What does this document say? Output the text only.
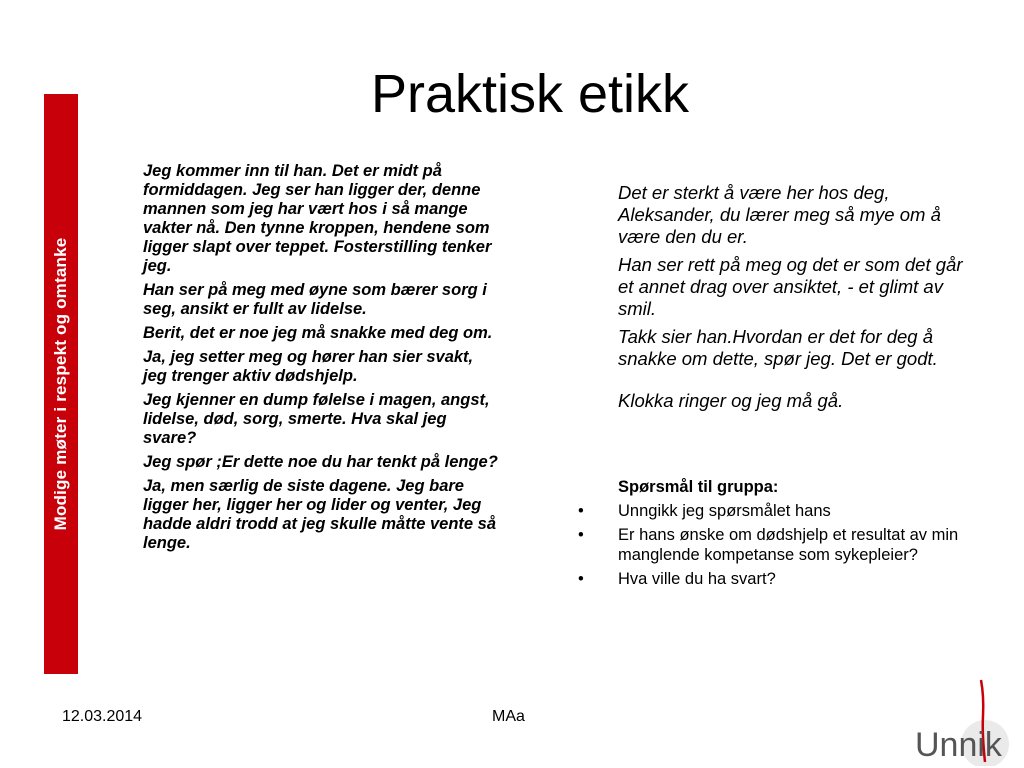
Modige møter i respekt og omtanke
Praktisk etikk

Jeg kommer inn til han. Det er midt på formiddagen. Jeg ser han ligger der, denne mannen som jeg har vært hos i så mange vakter nå. Den tynne kroppen, hendene som ligger slapt over teppet. Fosterstilling tenker jeg.

Han ser på meg med øyne som bærer sorg i seg, ansikt er fullt av lidelse.

Berit, det er noe jeg må snakke med deg om.

Ja, jeg setter meg og hører han sier svakt, jeg trenger aktiv dødshjelp.

Jeg kjenner en dump følelse i magen, angst, lidelse, død, sorg, smerte. Hva skal jeg svare?

Jeg spør ;Er dette noe du har tenkt på lenge?

Ja, men særlig de siste dagene. Jeg bare ligger her, ligger her og lider og venter, Jeg hadde aldri trodd at jeg skulle måtte vente så lenge.

Det er sterkt å være her hos deg, Aleksander, du lærer meg så mye om å være den du er.

Han ser rett på meg og det er som det går et annet drag over ansiktet, - et glimt av smil.

Takk sier han.Hvordan er det for deg å snakke om dette, spør jeg. Det er godt.

Klokka ringer og jeg må gå.

Spørsmål til gruppa:
•	Unngikk jeg spørsmålet hans
•	Er hans ønske om dødshjelp et resultat av min manglende kompetanse som sykepleier?
•	Hva ville du ha svart?
12.03.2014	MAa
Unnik
